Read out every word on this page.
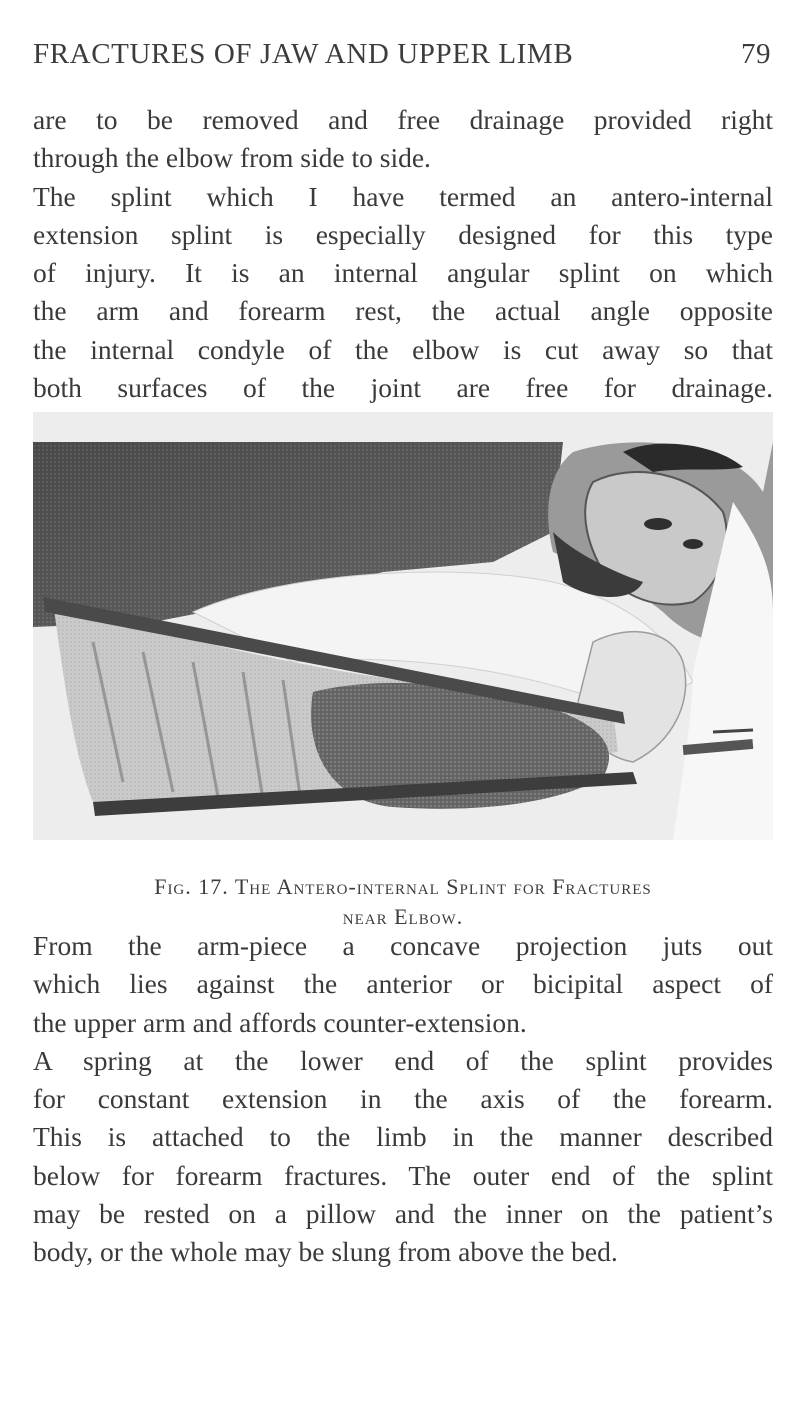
FRACTURES OF JAW AND UPPER LIMB	79
are to be removed and free drainage provided right
through the elbow from side to side.
The splint which I have termed an antero-internal
extension splint is especially designed for this type
of injury. It is an internal angular splint on which
the arm and forearm rest, the actual angle opposite
the internal condyle of the elbow is cut away so that
both surfaces of the joint are free for drainage.
Fig. 17. The Antero-internal Splint for Fractures
near Elbow.
From the arm-piece a concave projection juts out
which lies against the anterior or bicipital aspect of
the upper arm and affords counter-extension.
A spring at the lower end of the splint provides
for constant extension in the axis of the forearm.
This is attached to the limb in the manner described
below for forearm fractures. The outer end of the splint
may be rested on a pillow and the inner on the patient’s
body, or the whole may be slung from above the bed.
